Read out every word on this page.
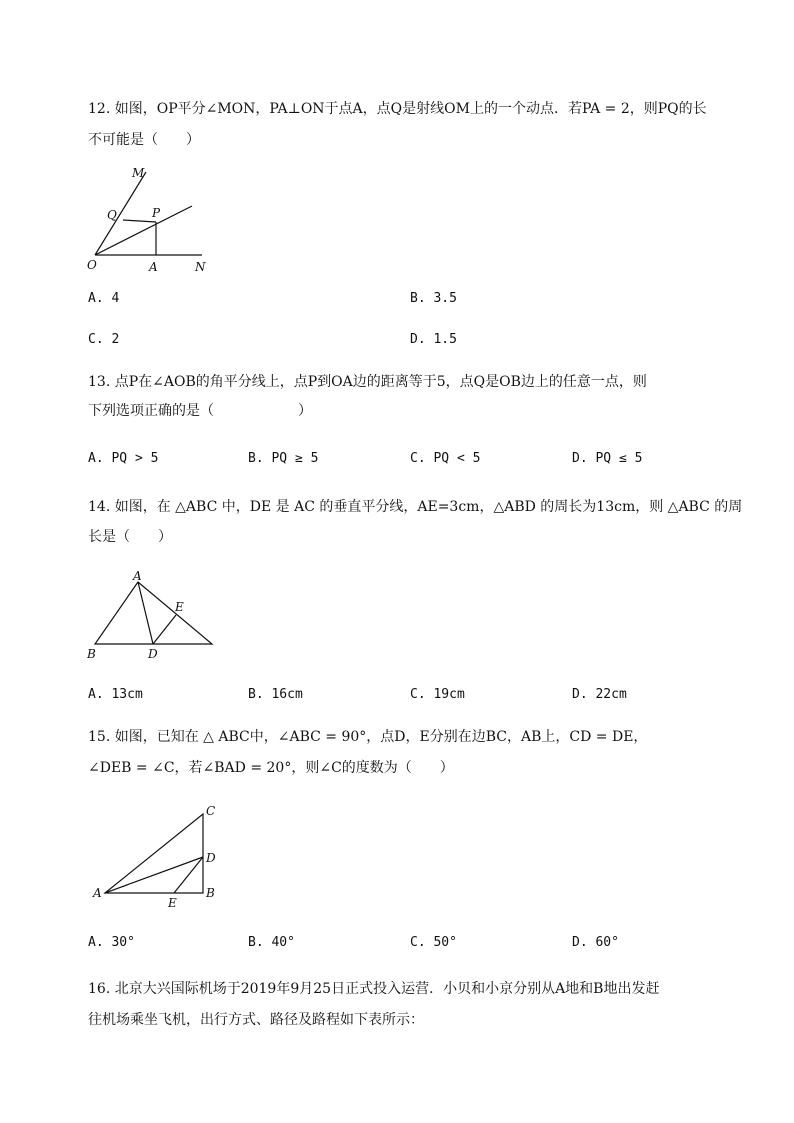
12. 如图，OP平分∠MON，PA⊥ON于点A，点Q是射线OM上的一个动点．若PA = 2，则PQ的长
不可能是（　　）
M
Q	P
O	A	N
A. 4	B. 3.5
C. 2	D. 1.5
13. 点P在∠AOB的角平分线上，点P到OA边的距离等于5，点Q是OB边上的任意一点，则
下列选项正确的是（　　　　　　）
A. PQ > 5	B. PQ ≥ 5	C. PQ < 5	D. PQ ≤ 5
14. 如图，在 △ABC 中，DE 是 AC 的垂直平分线，AE=3cm，△ABD 的周长为13cm，则 △ABC 的周
长是（　　）
A
E
B	D
A. 13cm	B. 16cm	C. 19cm	D. 22cm
15. 如图，已知在 △ ABC中，∠ABC = 90°，点D，E分别在边BC，AB上，CD = DE，
∠DEB = ∠C，若∠BAD = 20°，则∠C的度数为（　　）
C
D
A
E
B
A. 30°	B. 40°	C. 50°	D. 60°
16. 北京大兴国际机场于2019年9月25日正式投入运营．小贝和小京分别从A地和B地出发赶
往机场乘坐飞机，出行方式、路径及路程如下表所示：
